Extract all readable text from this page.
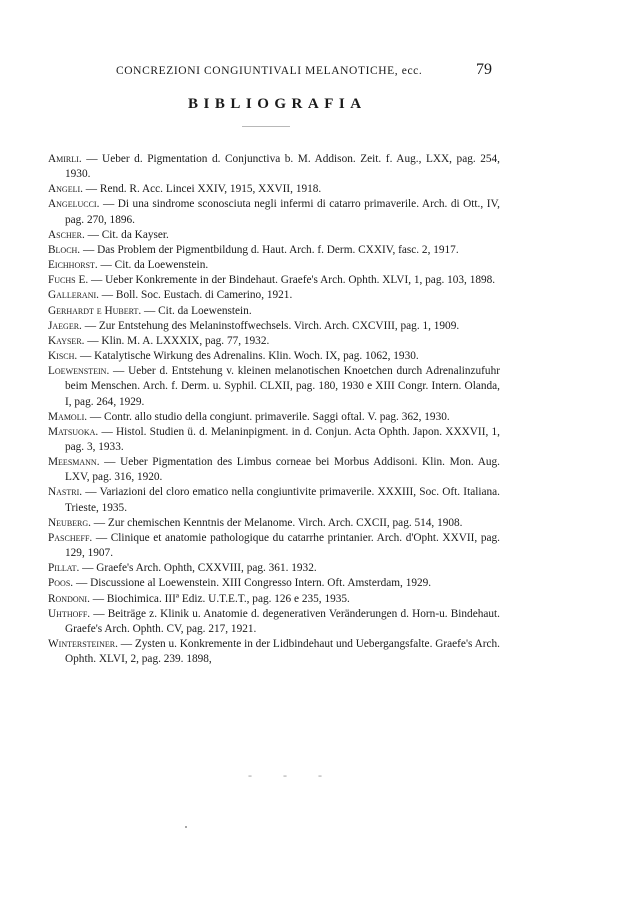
CONCREZIONI CONGIUNTIVALI MELANOTICHE, ecc.	79
BIBLIOGRAFIA
Amirli. — Ueber d. Pigmentation d. Conjunctiva b. M. Addison. Zeit. f. Aug., LXX, pag. 254, 1930.
Angeli. — Rend. R. Acc. Lincei XXIV, 1915, XXVII, 1918.
Angelucci. — Di una sindrome sconosciuta negli infermi di catarro primaverile. Arch. di Ott., IV, pag. 270, 1896.
Ascher. — Cit. da Kayser.
Bloch. — Das Problem der Pigmentbildung d. Haut. Arch. f. Derm. CXXIV, fasc. 2, 1917.
Eichhorst. — Cit. da Loewenstein.
Fuchs E. — Ueber Konkremente in der Bindehaut. Graefe's Arch. Ophth. XLVI, 1, pag. 103, 1898.
Gallerani. — Boll. Soc. Eustach. di Camerino, 1921.
Gerhardt e Hubert. — Cit. da Loewenstein.
Jaeger. — Zur Entstehung des Melaninstoffwechsels. Virch. Arch. CXCVIII, pag. 1, 1909.
Kayser. — Klin. M. A. LXXXIX, pag. 77, 1932.
Kisch. — Katalytische Wirkung des Adrenalins. Klin. Woch. IX, pag. 1062, 1930.
Loewenstein. — Ueber d. Entstehung v. kleinen melanotischen Knoetchen durch Adrenalinzufuhr beim Menschen. Arch. f. Derm. u. Syphil. CLXII, pag. 180, 1930 e XIII Congr. Intern. Olanda, I, pag. 264, 1929.
Mamoli. — Contr. allo studio della congiunt. primaverile. Saggi oftal. V. pag. 362, 1930.
Matsuoka. — Histol. Studien ü. d. Melaninpigment. in d. Conjun. Acta Ophth. Japon. XXXVII, 1, pag. 3, 1933.
Meesmann. — Ueber Pigmentation des Limbus corneae bei Morbus Addisoni. Klin. Mon. Aug. LXV, pag. 316, 1920.
Nastri. — Variazioni del cloro ematico nella congiuntivite primaverile. XXXIII, Soc. Oft. Italiana. Trieste, 1935.
Neuberg. — Zur chemischen Kenntnis der Melanome. Virch. Arch. CXCII, pag. 514, 1908.
Pascheff. — Clinique et anatomie pathologique du catarrhe printanier. Arch. d'Opht. XXVII, pag. 129, 1907.
Pillat. — Graefe's Arch. Ophth, CXXVIII, pag. 361. 1932.
Poos. — Discussione al Loewenstein. XIII Congresso Intern. Oft. Amsterdam, 1929.
Rondoni. — Biochimica. IIIª Ediz. U.T.E.T., pag. 126 e 235, 1935.
Uhthoff. — Beiträge z. Klinik u. Anatomie d. degenerativen Veränderungen d. Horn-u. Bindehaut. Graefe's Arch. Ophth. CV, pag. 217, 1921.
Wintersteiner. — Zysten u. Konkremente in der Lidbindehaut und Uebergangsfalte. Graefe's Arch. Ophth. XLVI, 2, pag. 239. 1898,
- - -
